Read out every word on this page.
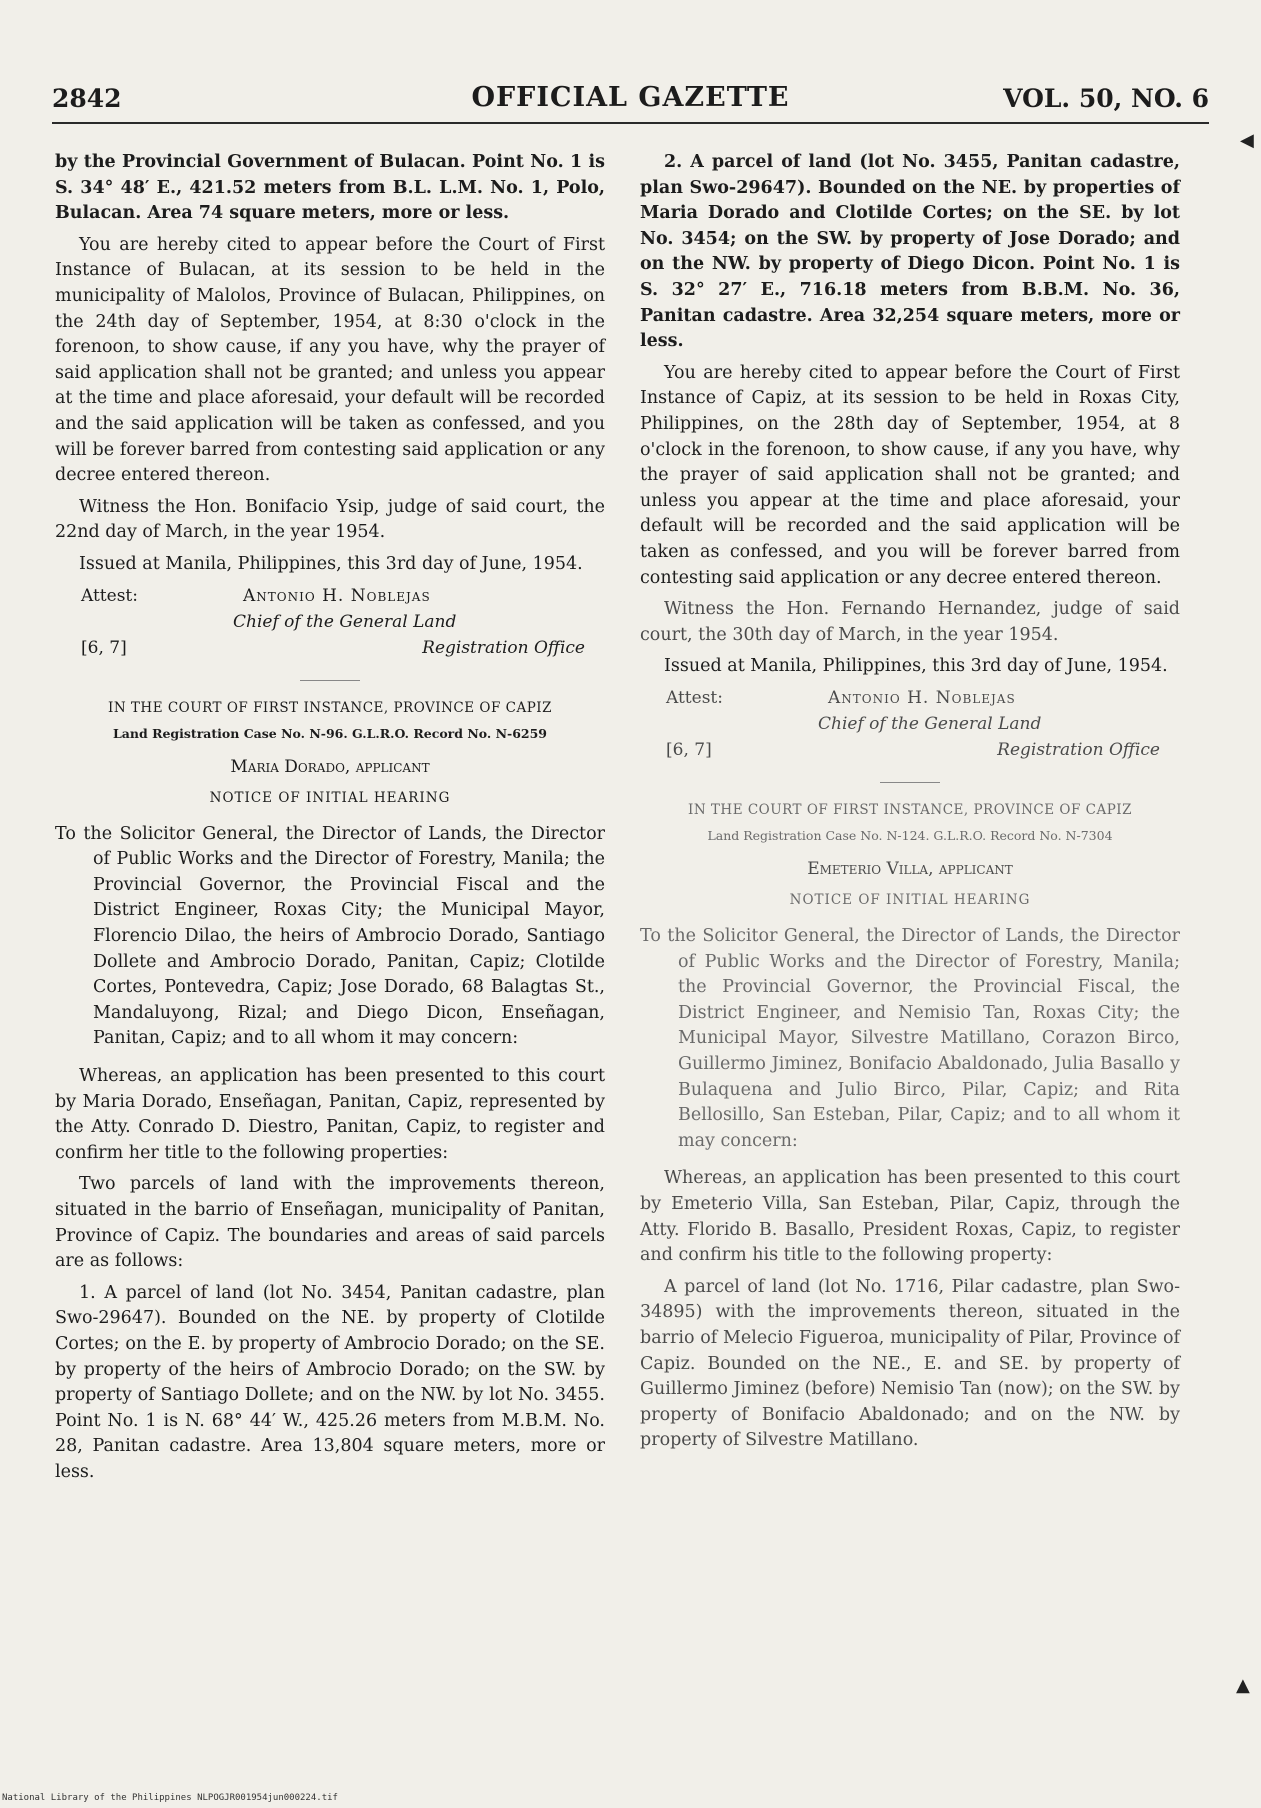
2842	OFFICIAL GAZETTE	VOL. 50, NO. 6

by the Provincial Government of Bulacan. Point No. 1 is S. 34° 48′ E., 421.52 meters from B.L. L.M. No. 1, Polo, Bulacan. Area 74 square meters, more or less.

You are hereby cited to appear before the Court of First Instance of Bulacan, at its session to be held in the municipality of Malolos, Province of Bulacan, Philippines, on the 24th day of September, 1954, at 8:30 o'clock in the forenoon, to show cause, if any you have, why the prayer of said application shall not be granted; and unless you appear at the time and place aforesaid, your default will be recorded and the said application will be taken as confessed, and you will be forever barred from contesting said application or any decree entered thereon.

Witness the Hon. Bonifacio Ysip, judge of said court, the 22nd day of March, in the year 1954.

Issued at Manila, Philippines, this 3rd day of June, 1954.

Attest:	Antonio H. Noblejas
Chief of the General Land
[6, 7]	Registration Office
IN THE COURT OF FIRST INSTANCE, PROVINCE OF CAPIZ
Land Registration Case No. N-96. G.L.R.O. Record No. N-6259
Maria Dorado, applicant
NOTICE OF INITIAL HEARING

To the Solicitor General, the Director of Lands, the Director of Public Works and the Director of Forestry, Manila; the Provincial Governor, the Provincial Fiscal and the District Engineer, Roxas City; the Municipal Mayor, Florencio Dilao, the heirs of Ambrocio Dorado, Santiago Dollete and Ambrocio Dorado, Panitan, Capiz; Clotilde Cortes, Pontevedra, Capiz; Jose Dorado, 68 Balagtas St., Mandaluyong, Rizal; and Diego Dicon, Enseñagan, Panitan, Capiz; and to all whom it may concern:

Whereas, an application has been presented to this court by Maria Dorado, Enseñagan, Panitan, Capiz, represented by the Atty. Conrado D. Diestro, Panitan, Capiz, to register and confirm her title to the following properties:

Two parcels of land with the improvements thereon, situated in the barrio of Enseñagan, municipality of Panitan, Province of Capiz. The boundaries and areas of said parcels are as follows:

1. A parcel of land (lot No. 3454, Panitan cadastre, plan Swo-29647). Bounded on the NE. by property of Clotilde Cortes; on the E. by property of Ambrocio Dorado; on the SE. by property of the heirs of Ambrocio Dorado; on the SW. by property of Santiago Dollete; and on the NW. by lot No. 3455. Point No. 1 is N. 68° 44′ W., 425.26 meters from M.B.M. No. 28, Panitan cadastre. Area 13,804 square meters, more or less.

2. A parcel of land (lot No. 3455, Panitan cadastre, plan Swo-29647). Bounded on the NE. by properties of Maria Dorado and Clotilde Cortes; on the SE. by lot No. 3454; on the SW. by property of Jose Dorado; and on the NW. by property of Diego Dicon. Point No. 1 is S. 32° 27′ E., 716.18 meters from B.B.M. No. 36, Panitan cadastre. Area 32,254 square meters, more or less.

You are hereby cited to appear before the Court of First Instance of Capiz, at its session to be held in Roxas City, Philippines, on the 28th day of September, 1954, at 8 o'clock in the forenoon, to show cause, if any you have, why the prayer of said application shall not be granted; and unless you appear at the time and place aforesaid, your default will be recorded and the said application will be taken as confessed, and you will be forever barred from contesting said application or any decree entered thereon.

Witness the Hon. Fernando Hernandez, judge of said court, the 30th day of March, in the year 1954.

Issued at Manila, Philippines, this 3rd day of June, 1954.

Attest:	Antonio H. Noblejas
Chief of the General Land
[6, 7]	Registration Office
IN THE COURT OF FIRST INSTANCE, PROVINCE OF CAPIZ
Land Registration Case No. N-124. G.L.R.O. Record No. N-7304
Emeterio Villa, applicant
NOTICE OF INITIAL HEARING

To the Solicitor General, the Director of Lands, the Director of Public Works and the Director of Forestry, Manila; the Provincial Governor, the Provincial Fiscal, the District Engineer, and Nemisio Tan, Roxas City; the Municipal Mayor, Silvestre Matillano, Corazon Birco, Guillermo Jiminez, Bonifacio Abaldonado, Julia Basallo y Bulaquena and Julio Birco, Pilar, Capiz; and Rita Bellosillo, San Esteban, Pilar, Capiz; and to all whom it may concern:

Whereas, an application has been presented to this court by Emeterio Villa, San Esteban, Pilar, Capiz, through the Atty. Florido B. Basallo, President Roxas, Capiz, to register and confirm his title to the following property:

A parcel of land (lot No. 1716, Pilar cadastre, plan Swo-34895) with the improvements thereon, situated in the barrio of Melecio Figueroa, municipality of Pilar, Province of Capiz. Bounded on the NE., E. and SE. by property of Guillermo Jiminez (before) Nemisio Tan (now); on the SW. by property of Bonifacio Abaldonado; and on the NW. by property of Silvestre Matillano.

◀
▲
National Library of the Philippines NLPOGJR001954jun000224.tif
